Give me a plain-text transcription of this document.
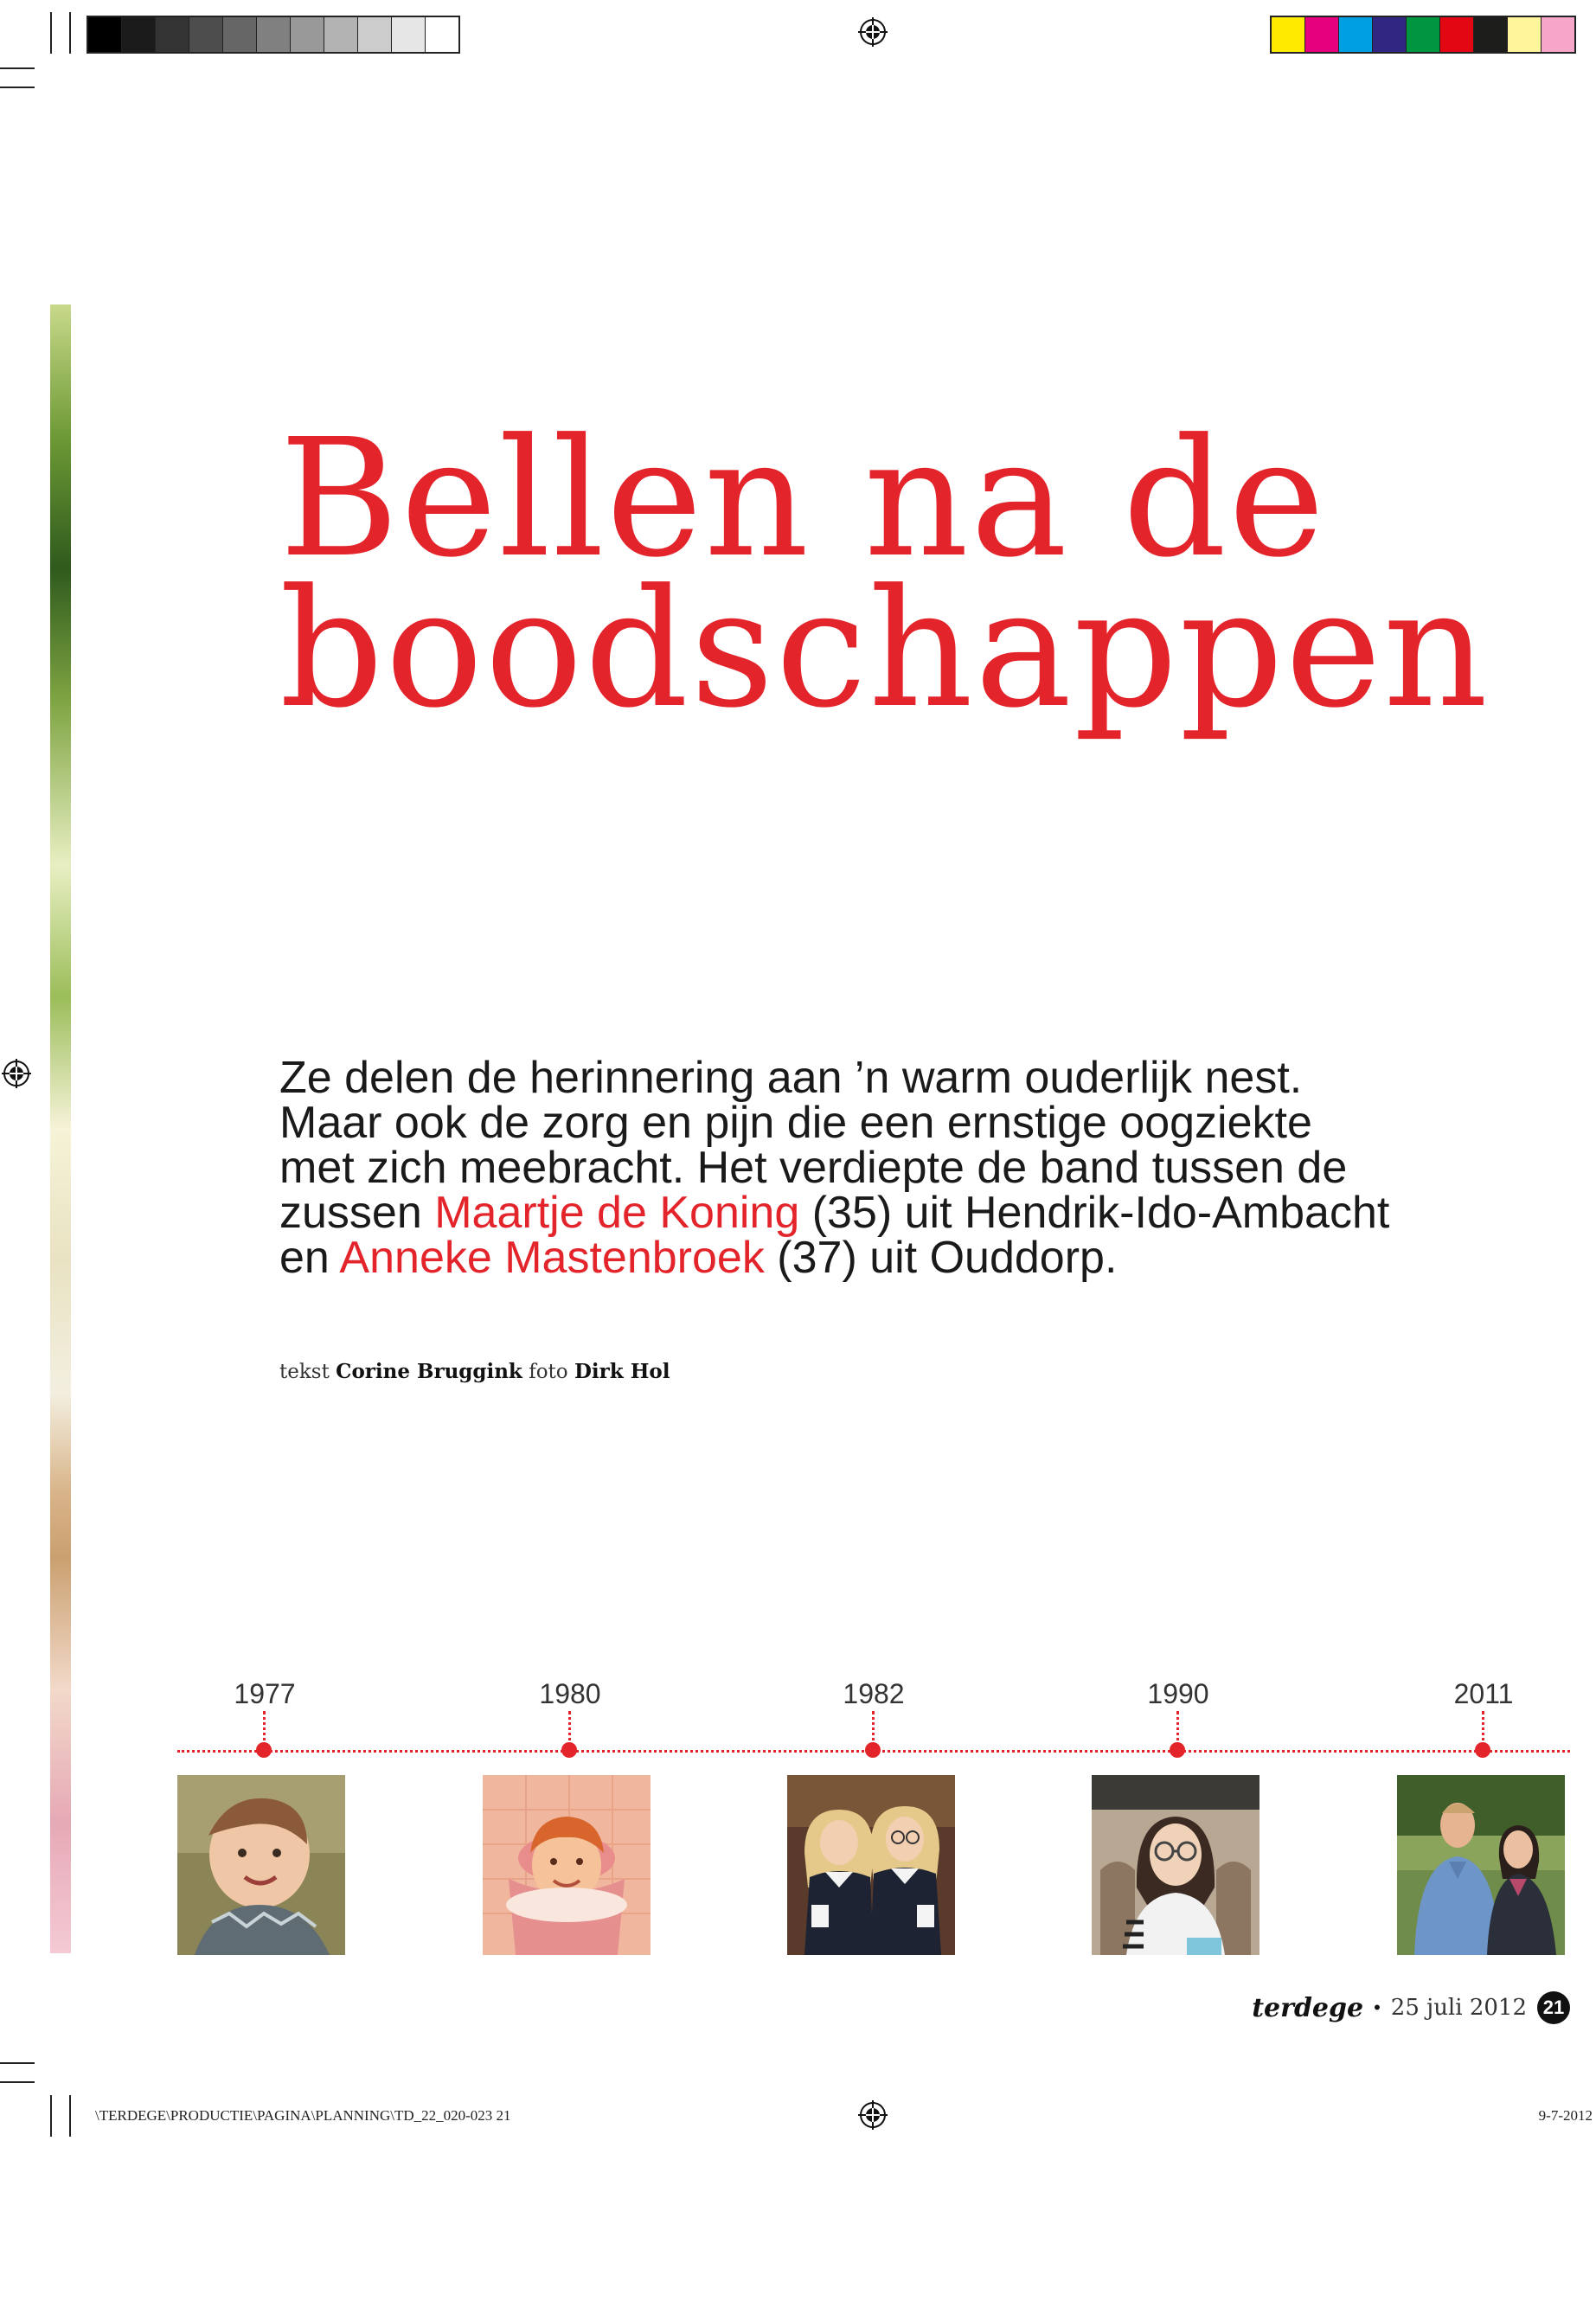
Bellen na de
boodschappen

Ze delen de herinnering aan ’n warm ouderlijk nest.
Maar ook de zorg en pijn die een ernstige oogziekte
met zich meebracht. Het verdiepte de band tussen de
zussen Maartje de Koning (35) uit Hendrik-Ido-Ambacht
en Anneke Mastenbroek (37) uit Ouddorp.

tekst Corine Bruggink foto Dirk Hol
1977	1980	1982	1990	2011
terdege • 25 juli 2012 21
\TERDEGE\PRODUCTIE\PAGINA\PLANNING\TD_22_020-023 21	9-7-2012
